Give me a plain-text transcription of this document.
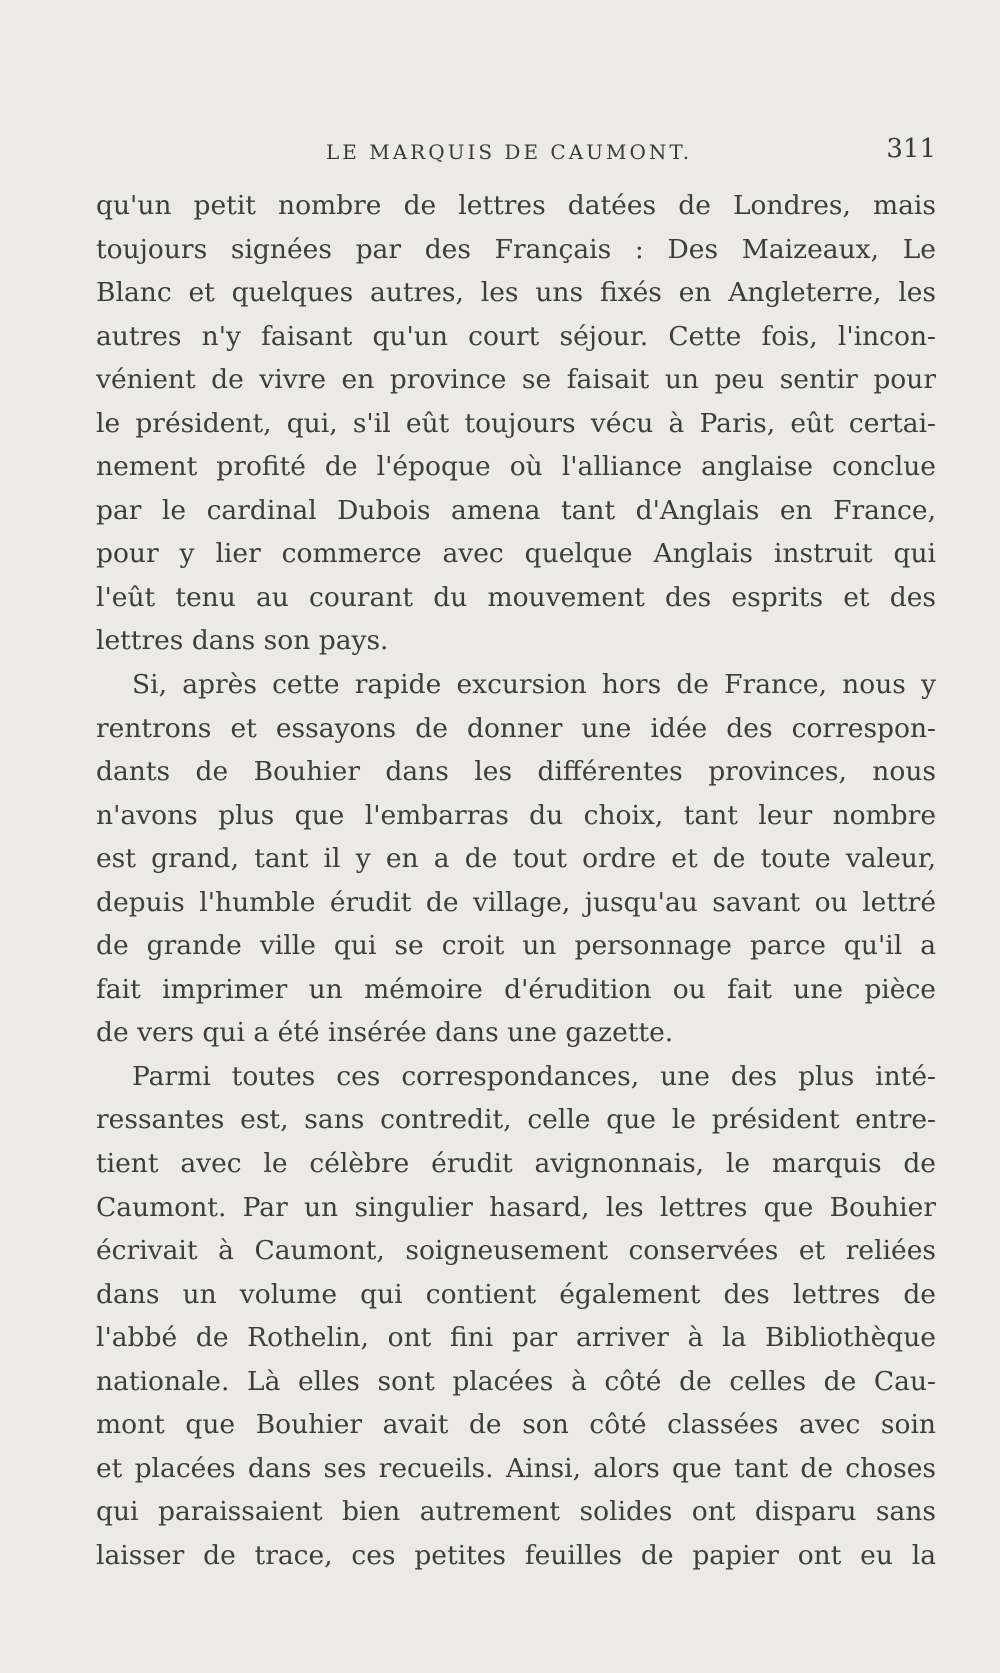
LE MARQUIS DE CAUMONT.	311
qu'un petit nombre de lettres datées de Londres, mais
toujours signées par des Français : Des Maizeaux, Le
Blanc et quelques autres, les uns fixés en Angleterre, les
autres n'y faisant qu'un court séjour. Cette fois, l'incon-
vénient de vivre en province se faisait un peu sentir pour
le président, qui, s'il eût toujours vécu à Paris, eût certai-
nement profité de l'époque où l'alliance anglaise conclue
par le cardinal Dubois amena tant d'Anglais en France,
pour y lier commerce avec quelque Anglais instruit qui
l'eût tenu au courant du mouvement des esprits et des
lettres dans son pays.
Si, après cette rapide excursion hors de France, nous y
rentrons et essayons de donner une idée des correspon-
dants de Bouhier dans les différentes provinces, nous
n'avons plus que l'embarras du choix, tant leur nombre
est grand, tant il y en a de tout ordre et de toute valeur,
depuis l'humble érudit de village, jusqu'au savant ou lettré
de grande ville qui se croit un personnage parce qu'il a
fait imprimer un mémoire d'érudition ou fait une pièce
de vers qui a été insérée dans une gazette.
Parmi toutes ces correspondances, une des plus inté-
ressantes est, sans contredit, celle que le président entre-
tient avec le célèbre érudit avignonnais, le marquis de
Caumont. Par un singulier hasard, les lettres que Bouhier
écrivait à Caumont, soigneusement conservées et reliées
dans un volume qui contient également des lettres de
l'abbé de Rothelin, ont fini par arriver à la Bibliothèque
nationale. Là elles sont placées à côté de celles de Cau-
mont que Bouhier avait de son côté classées avec soin
et placées dans ses recueils. Ainsi, alors que tant de choses
qui paraissaient bien autrement solides ont disparu sans
laisser de trace, ces petites feuilles de papier ont eu la
